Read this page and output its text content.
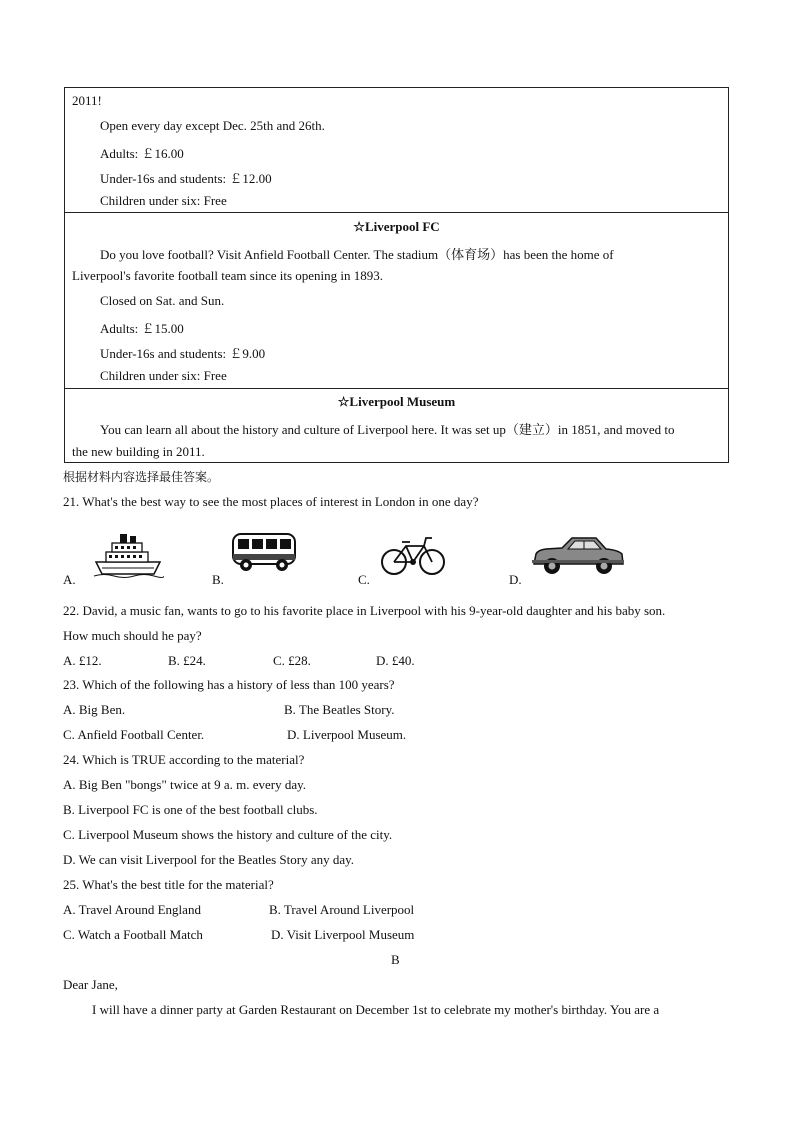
2011!
Open every day except Dec. 25th and 26th.
Adults: ￡16.00
Under-16s and students: ￡12.00
Children under six: Free
☆Liverpool FC
Do you love football? Visit Anfield Football Center. The stadium（体育场）has been the home of
Liverpool's favorite football team since its opening in 1893.
Closed on Sat. and Sun.
Adults: ￡15.00
Under-16s and students: ￡9.00
Children under six: Free
☆Liverpool Museum
You can learn all about the history and culture of Liverpool here. It was set up（建立）in 1851, and moved to
the new building in 2011.
根据材料内容选择最佳答案。
21. What's the best way to see the most places of interest in London in one day?
A.	B.	C.	D.
22. David, a music fan, wants to go to his favorite place in Liverpool with his 9-year-old daughter and his baby son.
How much should he pay?
A. £12.	B. £24.	C. £28.	D. £40.
23. Which of the following has a history of less than 100 years?
A. Big Ben.	B. The Beatles Story.
C. Anfield Football Center.	D. Liverpool Museum.
24. Which is TRUE according to the material?
A. Big Ben "bongs" twice at 9 a. m. every day.
B. Liverpool FC is one of the best football clubs.
C. Liverpool Museum shows the history and culture of the city.
D. We can visit Liverpool for the Beatles Story any day.
25. What's the best title for the material?
A. Travel Around England	B. Travel Around Liverpool
C. Watch a Football Match	D. Visit Liverpool Museum
B
Dear Jane,
I will have a dinner party at Garden Restaurant on December 1st to celebrate my mother's birthday. You are a
